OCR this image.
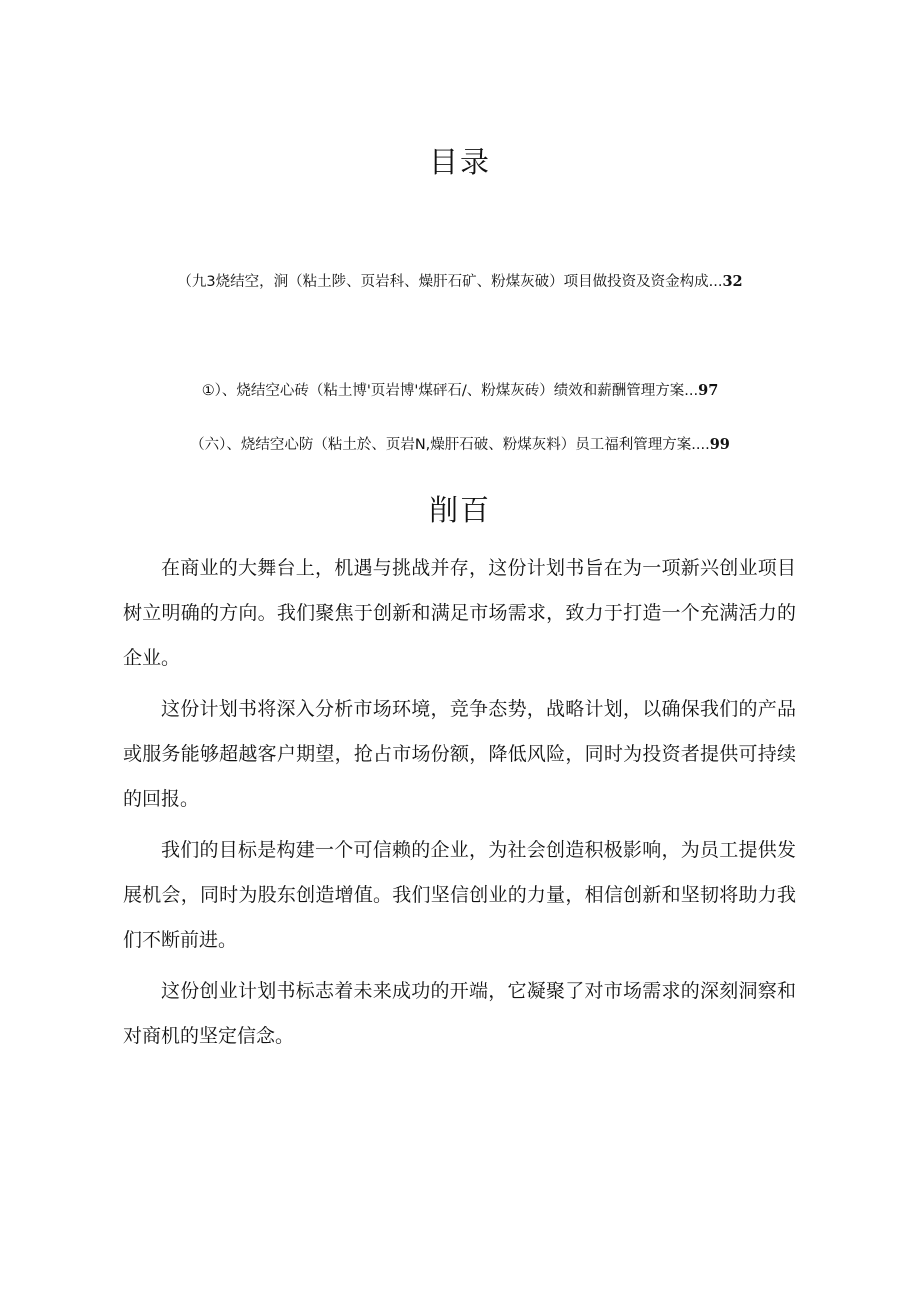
目录
（九3烧结空，涧（粘土陟、页岩科、燥肝石矿、粉煤灰破）项目做投资及资金构成...32
①）、烧结空心砖（粘土博'页岩博'煤砰石/、粉煤灰砖）绩效和薪酬管理方案...97
（六）、烧结空心防（粘土於、页岩N,燥肝石破、粉煤灰料）员工福利管理方案....99
削百

在商业的大舞台上，机遇与挑战并存，这份计划书旨在为一项新兴创业项目树立明确的方向。我们聚焦于创新和满足市场需求，致力于打造一个充满活力的企业。

这份计划书将深入分析市场环境，竞争态势，战略计划，以确保我们的产品或服务能够超越客户期望，抢占市场份额，降低风险，同时为投资者提供可持续的回报。

我们的目标是构建一个可信赖的企业，为社会创造积极影响，为员工提供发展机会，同时为股东创造增值。我们坚信创业的力量，相信创新和坚韧将助力我们不断前进。

这份创业计划书标志着未来成功的开端，它凝聚了对市场需求的深刻洞察和对商机的坚定信念。
